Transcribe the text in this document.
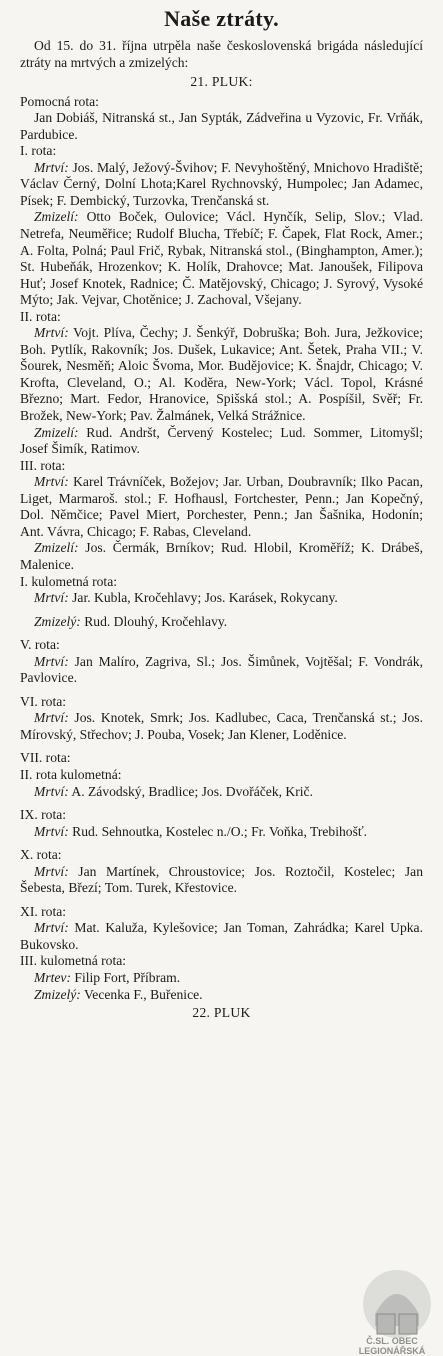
Naše ztráty.

Od 15. do 31. října utrpěla naše československá brigáda následující ztráty na mrtvých a zmizelých:

21. PLUK:

Pomocná rota:

Jan Dobiáš, Nitranská st., Jan Sypták, Zádveřina u Vyzovic, Fr. Vrňák, Pardubice.

I. rota:

Mrtví: Jos. Malý, Ježový-Švihov; F. Nevyhoštěný, Mnichovo Hradiště; Václav Černý, Dolní Lhota;Karel Rychnovský, Humpolec; Jan Adamec, Písek; F. Dembický, Turzovka, Trenčanská st.

Zmizelí: Otto Boček, Oulovice; Václ. Hynčík, Selip, Slov.; Vlad. Netrefa, Neuměřice; Rudolf Blucha, Třebíč; F. Čapek, Flat Rock, Amer.; A. Folta, Polná; Paul Frič, Rybak, Nitranská stol., (Binghampton, Amer.); St. Hubeňák, Hrozenkov; K. Holík, Drahovce; Mat. Janoušek, Filipova Huť; Josef Knotek, Radnice; Č. Matějovský, Chicago; J. Syrový, Vysoké Mýto; Jak. Vejvar, Chotěnice; J. Zachoval, Všejany.

II. rota:

Mrtví: Vojt. Plíva, Čechy; J. Šenkýř, Dobruška; Boh. Jura, Ježkovice; Boh. Pytlík, Rakovník; Jos. Dušek, Lukavice; Ant. Šetek, Praha VII.; V. Šourek, Nesměň; Aloic Švoma, Mor. Budějovice; K. Šnajdr, Chicago; V. Krofta, Cleveland, O.; Al. Koděra, New-York; Václ. Topol, Krásné Březno; Mart. Fedor, Hranovice, Spišská stol.; A. Pospíšil, Svěř; Fr. Brožek, New-York; Pav. Žalmánek, Velká Strážnice.

Zmizelí: Rud. Andršt, Červený Kostelec; Lud. Sommer, Litomyšl; Josef Šimík, Ratimov.

III. rota:

Mrtví: Karel Trávníček, Božejov; Jar. Urban, Doubravník; Ilko Pacan, Liget, Marmaroš. stol.; F. Hofhausl, Fortchester, Penn.; Jan Kopečný, Dol. Němčice; Pavel Miert, Porchester, Penn.; Jan Šašnika, Hodonín; Ant. Vávra, Chicago; F. Rabas, Cleveland.

Zmizelí: Jos. Čermák, Brníkov; Rud. Hlobil, Kroměříž; K. Drábeš, Malenice.

I. kulometná rota:

Mrtví: Jar. Kubla, Kročehlavy; Jos. Karásek, Rokycany.

Zmizelý: Rud. Dlouhý, Kročehlavy.

V. rota:

Mrtví: Jan Malíro, Zagriva, Sl.; Jos. Šimůnek, Vojtěšal; F. Vondrák, Pavlovice.

VI. rota:

Mrtví: Jos. Knotek, Smrk; Jos. Kadlubec, Caca, Trenčanská st.; Jos. Mírovský, Střechov; J. Pouba, Vosek; Jan Klener, Loděnice.

VII. rota:

II. rota kulometná:

Mrtví: A. Závodský, Bradlice; Jos. Dvořáček, Krič.

IX. rota:

Mrtví: Rud. Sehnoutka, Kostelec n./O.; Fr. Voňka, Trebihošť.

X. rota:

Mrtví: Jan Martínek, Chroustovice; Jos. Roztočil, Kostelec; Jan Šebesta, Březí; Tom. Turek, Křestovice.

XI. rota:

Mrtví: Mat. Kaluža, Kylešovice; Jan Toman, Zahrádka; Karel Upka. Bukovsko.

III. kulometná rota:

Mrtev: Filip Fort, Příbram.

Zmizelý: Vecenka F., Buřenice.

22. PLUK

Č.SL. OBEC
LEGIONÁŘSKÁ
